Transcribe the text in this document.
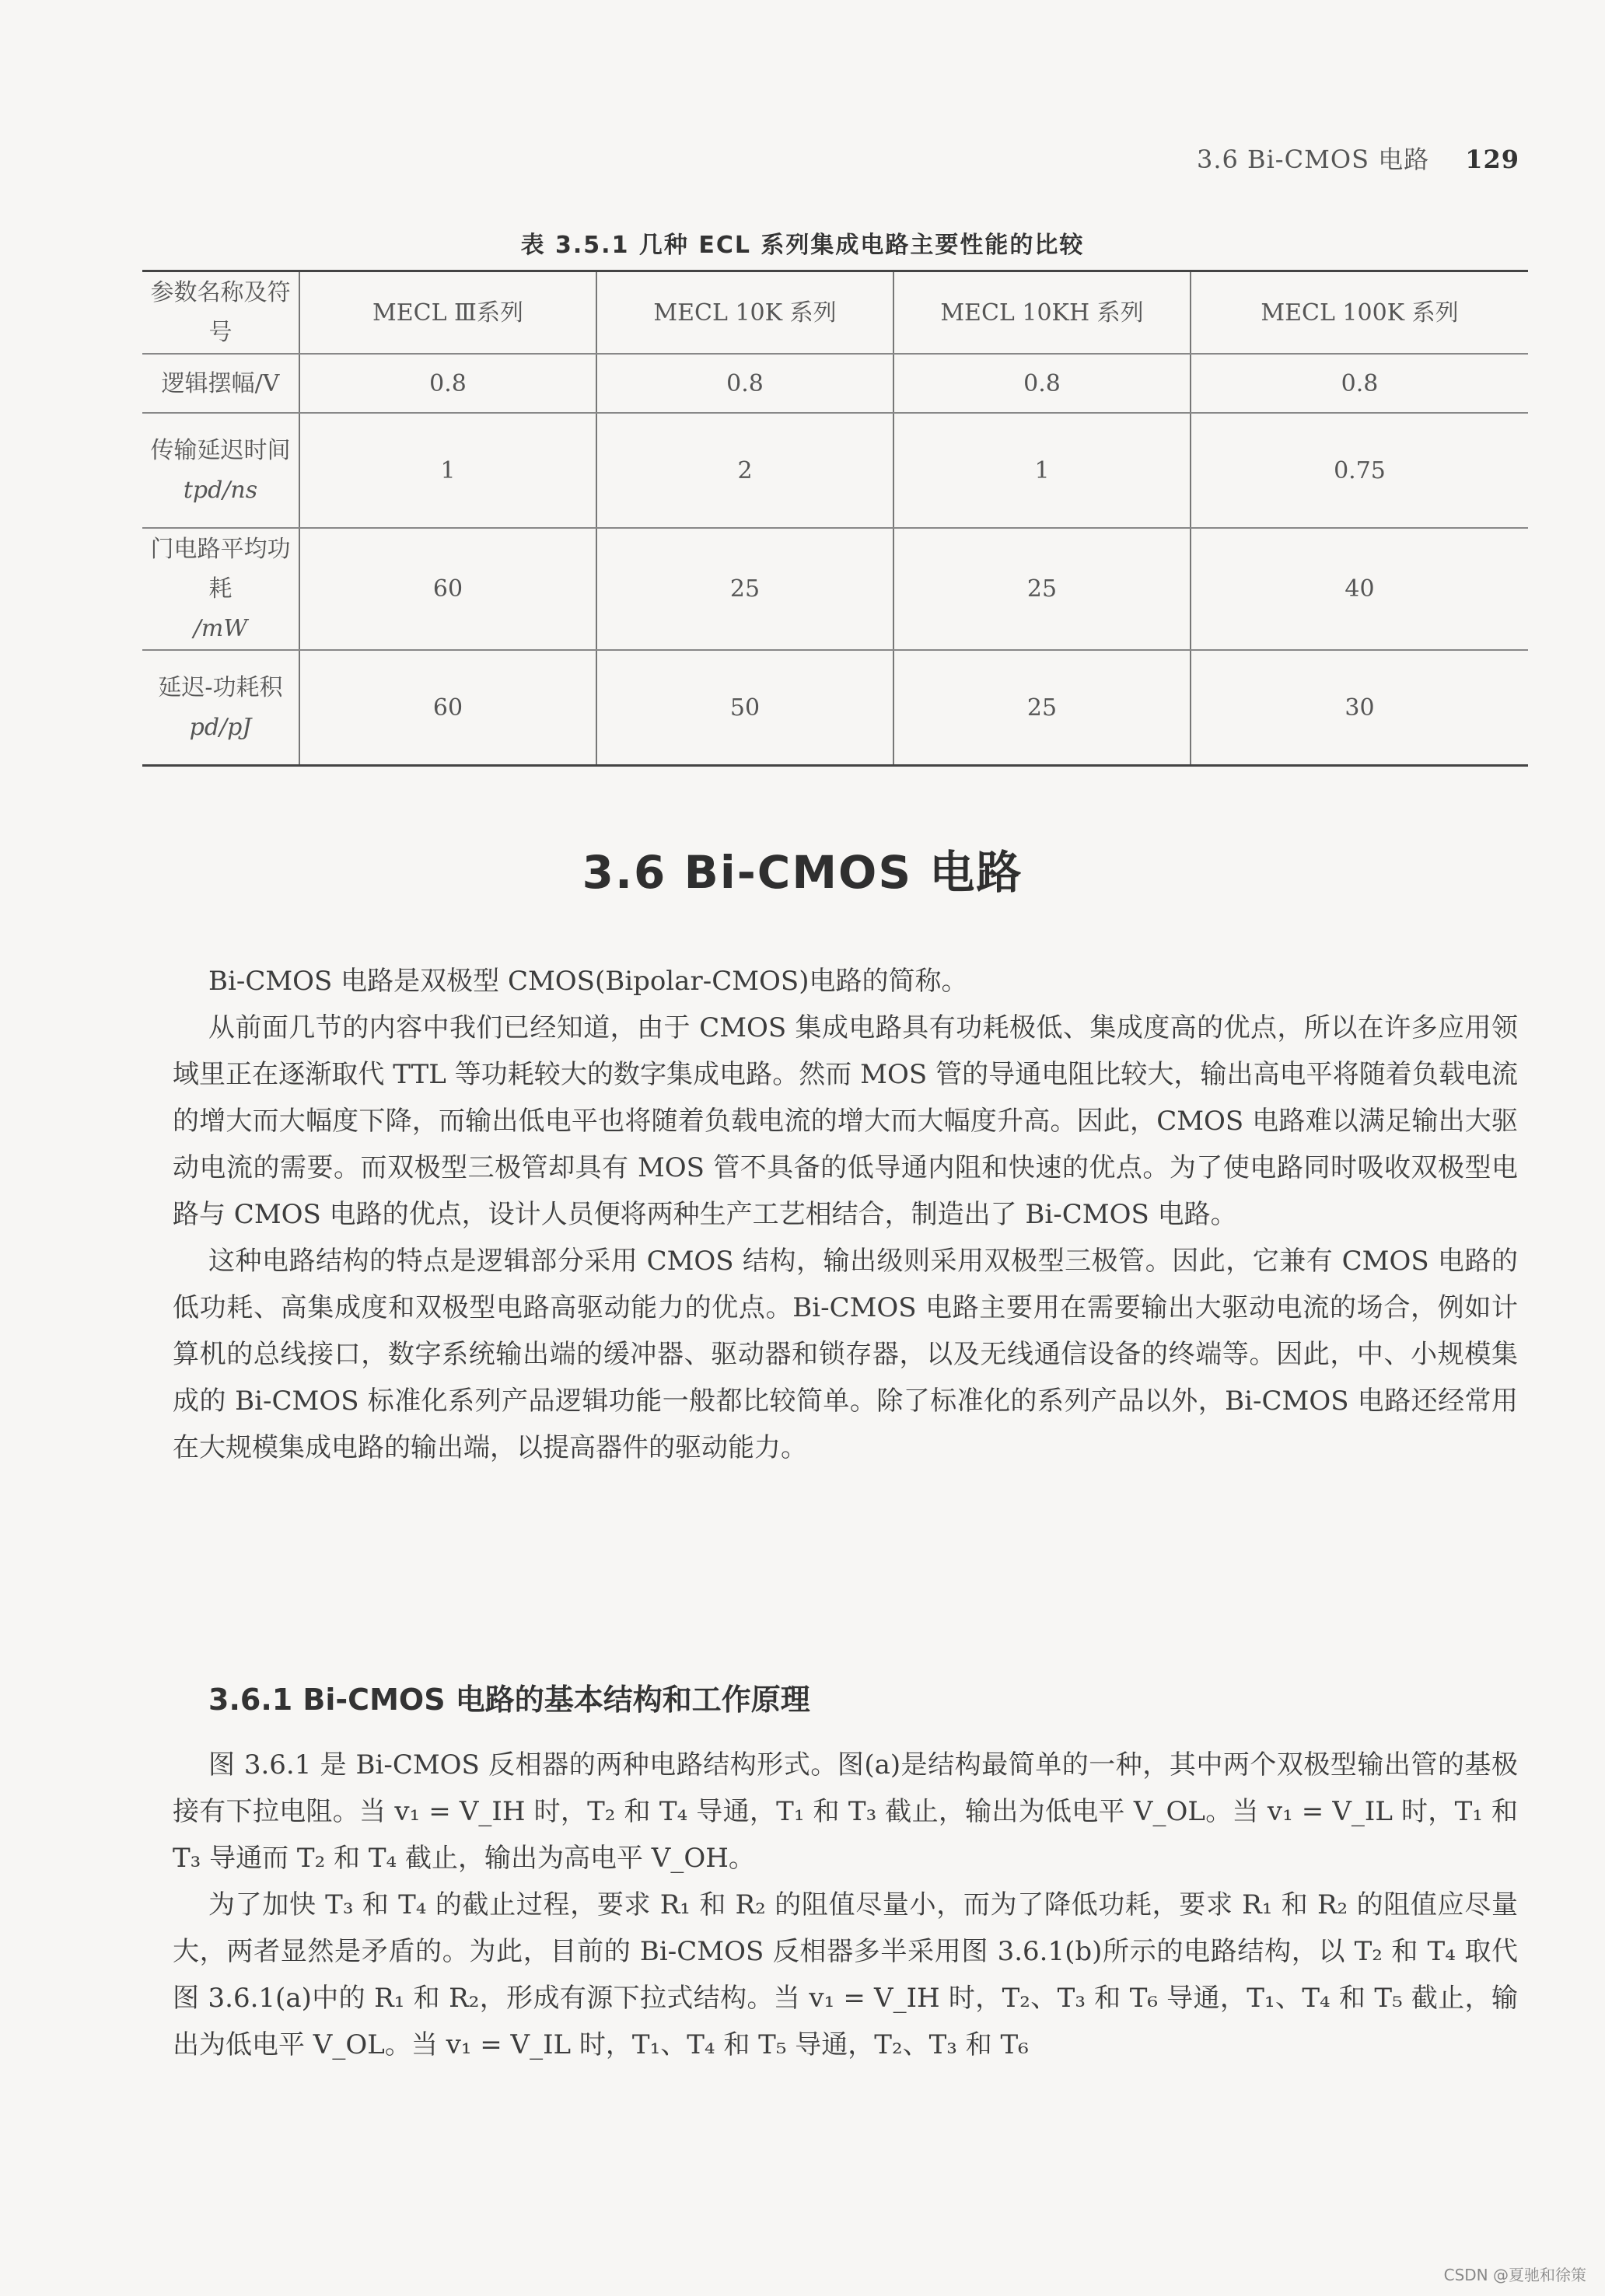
3.6 Bi-CMOS 电路 129
表 3.5.1 几种 ECL 系列集成电路主要性能的比较
参数名称及符号	MECL Ⅲ系列	MECL 10K 系列	MECL 10KH 系列	MECL 100K 系列

逻辑摆幅/V	0.8	0.8	0.8	0.8

传输延迟时间
tpd/ns	1	2	1	0.75

门电路平均功耗
/mW	60	25	25	40

延迟-功耗积
pd/pJ	60	50	25	30
3.6 Bi-CMOS 电路

Bi-CMOS 电路是双极型 CMOS(Bipolar-CMOS)电路的简称。

从前面几节的内容中我们已经知道，由于 CMOS 集成电路具有功耗极低、集成度高的优点，所以在许多应用领域里正在逐渐取代 TTL 等功耗较大的数字集成电路。然而 MOS 管的导通电阻比较大，输出高电平将随着负载电流的增大而大幅度下降，而输出低电平也将随着负载电流的增大而大幅度升高。因此，CMOS 电路难以满足输出大驱动电流的需要。而双极型三极管却具有 MOS 管不具备的低导通内阻和快速的优点。为了使电路同时吸收双极型电路与 CMOS 电路的优点，设计人员便将两种生产工艺相结合，制造出了 Bi-CMOS 电路。

这种电路结构的特点是逻辑部分采用 CMOS 结构，输出级则采用双极型三极管。因此，它兼有 CMOS 电路的低功耗、高集成度和双极型电路高驱动能力的优点。Bi-CMOS 电路主要用在需要输出大驱动电流的场合，例如计算机的总线接口，数字系统输出端的缓冲器、驱动器和锁存器，以及无线通信设备的终端等。因此，中、小规模集成的 Bi-CMOS 标准化系列产品逻辑功能一般都比较简单。除了标准化的系列产品以外，Bi-CMOS 电路还经常用在大规模集成电路的输出端，以提高器件的驱动能力。

3.6.1 Bi-CMOS 电路的基本结构和工作原理

图 3.6.1 是 Bi-CMOS 反相器的两种电路结构形式。图(a)是结构最简单的一种，其中两个双极型输出管的基极接有下拉电阻。当 v₁ = V_IH 时，T₂ 和 T₄ 导通，T₁ 和 T₃ 截止，输出为低电平 V_OL。当 v₁ = V_IL 时，T₁ 和 T₃ 导通而 T₂ 和 T₄ 截止，输出为高电平 V_OH。

为了加快 T₃ 和 T₄ 的截止过程，要求 R₁ 和 R₂ 的阻值尽量小，而为了降低功耗，要求 R₁ 和 R₂ 的阻值应尽量大，两者显然是矛盾的。为此，目前的 Bi-CMOS 反相器多半采用图 3.6.1(b)所示的电路结构，以 T₂ 和 T₄ 取代图 3.6.1(a)中的 R₁ 和 R₂，形成有源下拉式结构。当 v₁ = V_IH 时，T₂、T₃ 和 T₆ 导通，T₁、T₄ 和 T₅ 截止，输出为低电平 V_OL。当 v₁ = V_IL 时，T₁、T₄ 和 T₅ 导通，T₂、T₃ 和 T₆

CSDN @夏驰和徐策
